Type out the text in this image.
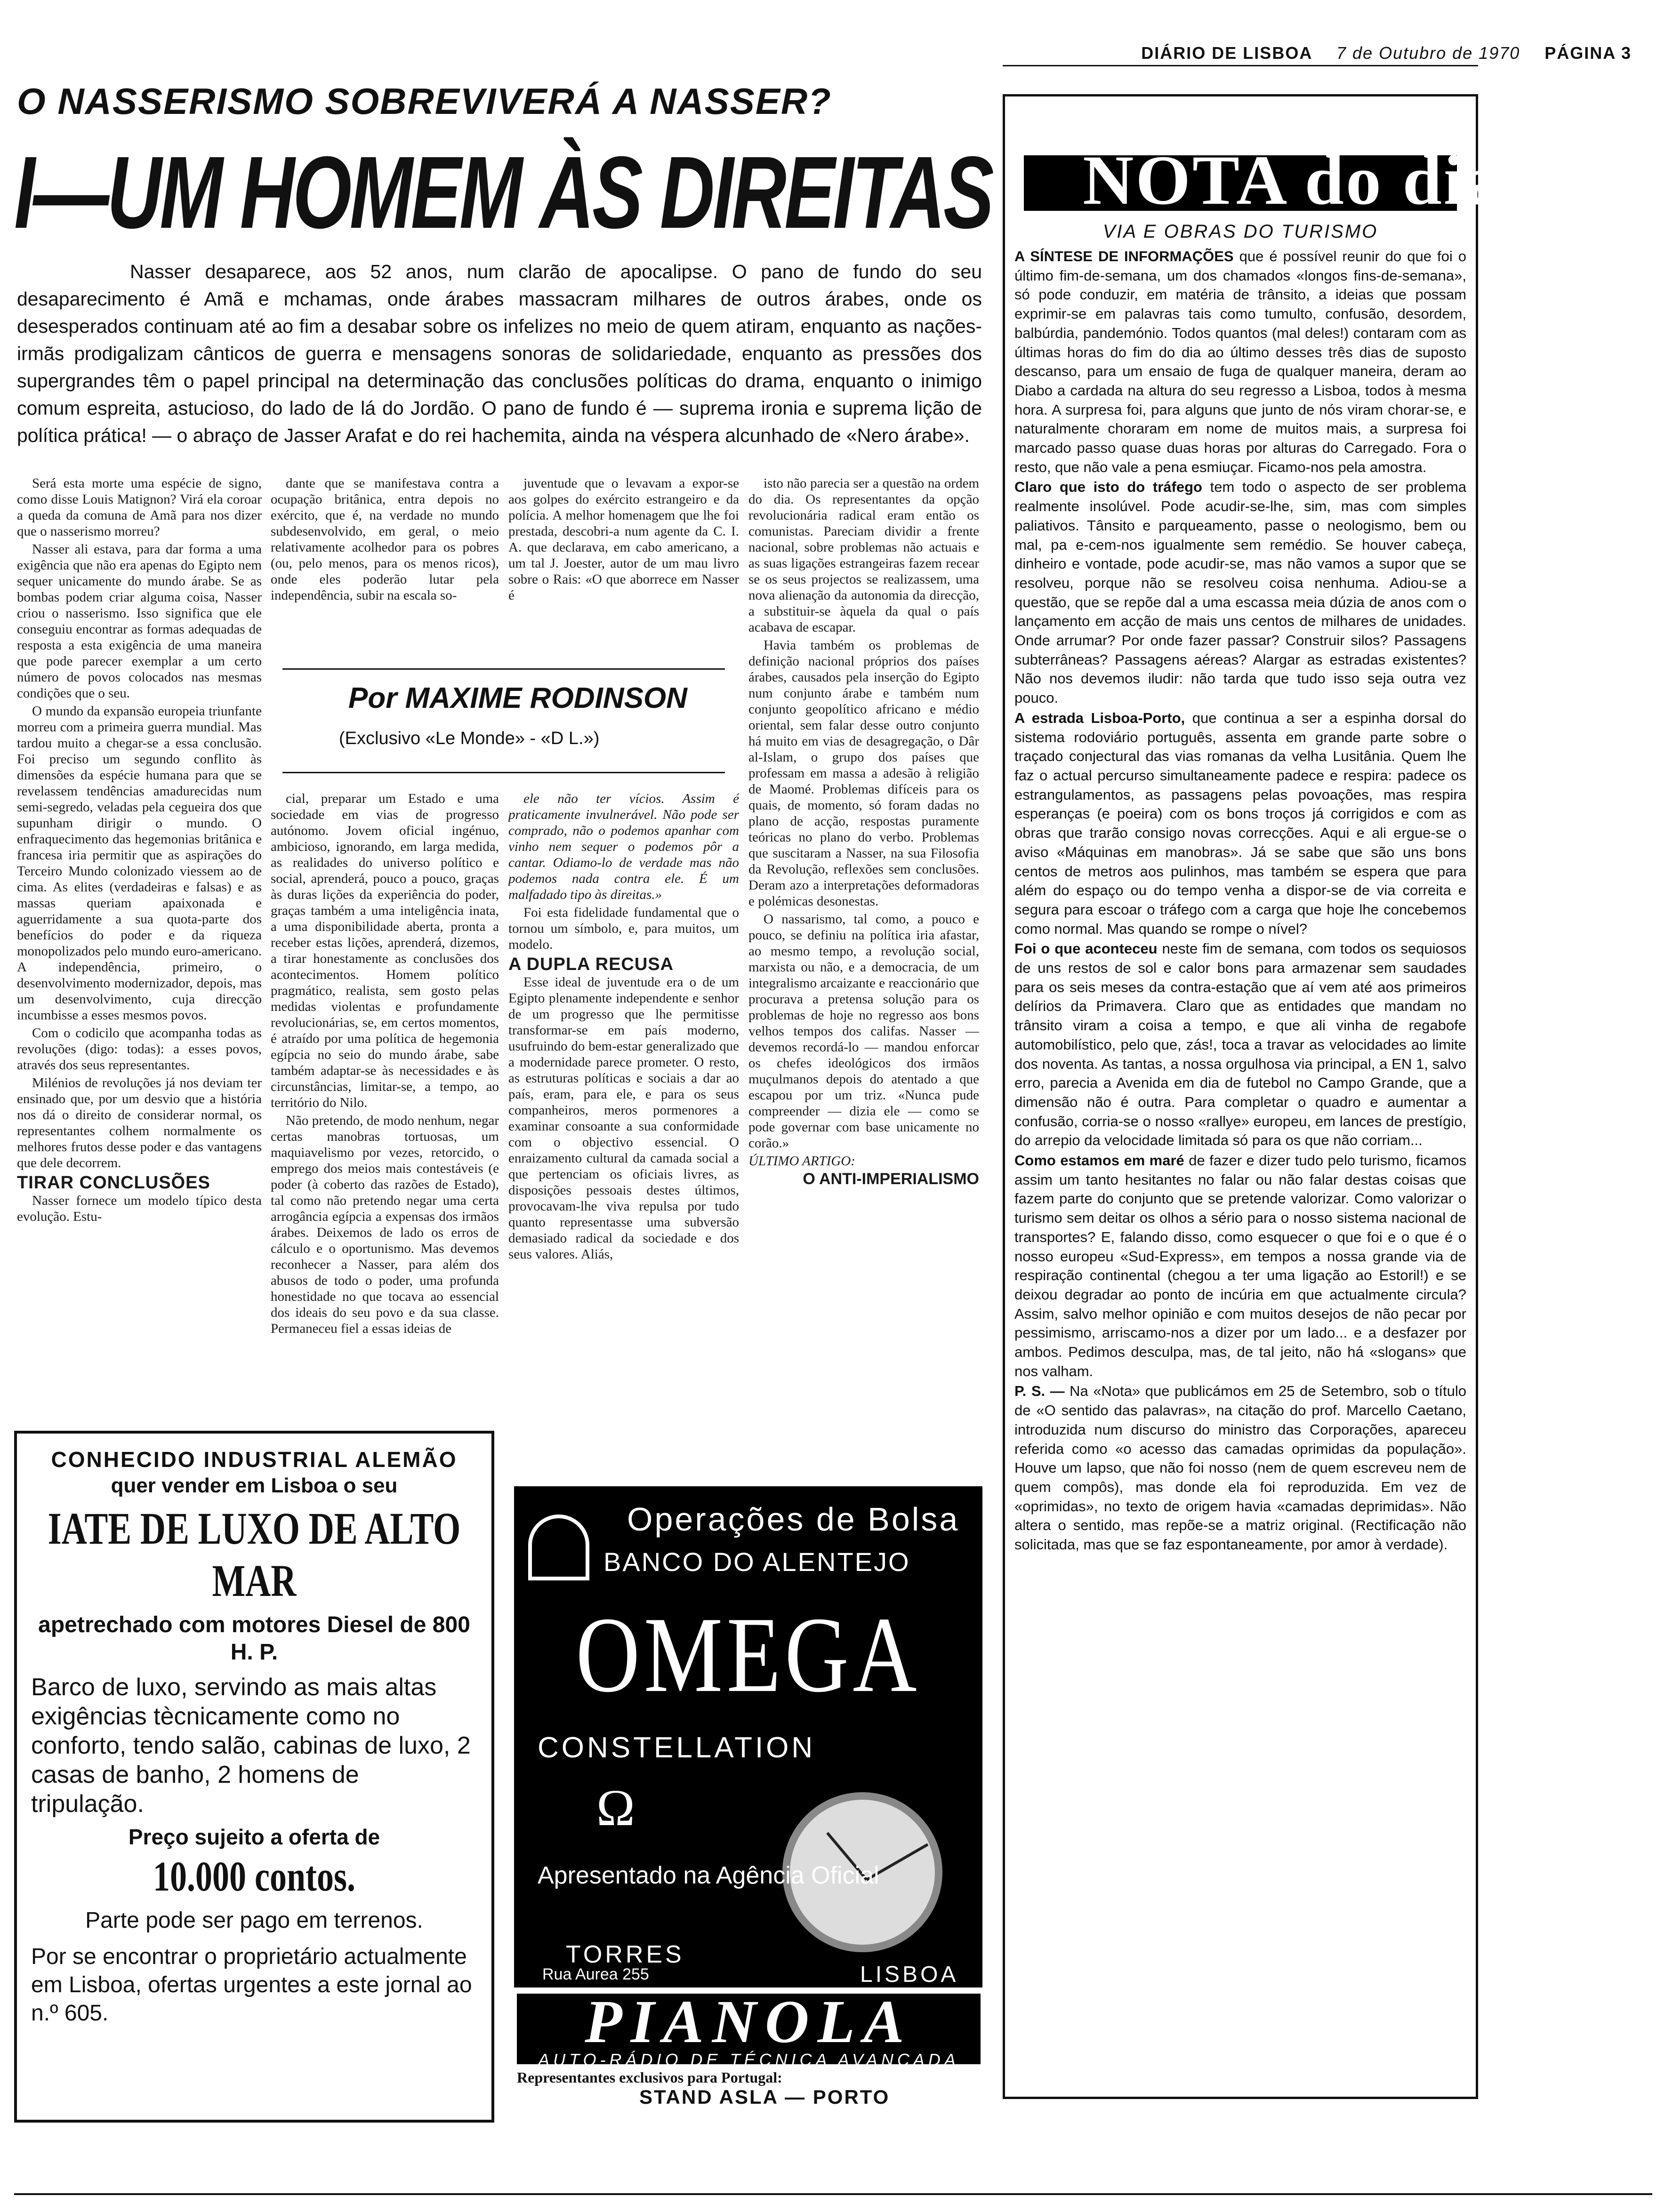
DIÁRIO DE LISBOA 7 de Outubro de 1970 PÁGINA 3
O NASSERISMO SOBREVIVERÁ A NASSER?
I—UM HOMEM ÀS DIREITAS
Nasser desaparece, aos 52 anos, num clarão de apocalipse. O pano de fundo do seu desaparecimento é Amã e mchamas, onde árabes massacram milhares de outros árabes, onde os desesperados continuam até ao fim a desabar sobre os infelizes no meio de quem atiram, enquanto as nações-irmãs prodigalizam cânticos de guerra e mensagens sonoras de solidariedade, enquanto as pressões dos supergrandes têm o papel principal na determinação das conclusões políticas do drama, enquanto o inimigo comum espreita, astucioso, do lado de lá do Jordão. O pano de fundo é — suprema ironia e suprema lição de política prática! — o abraço de Jasser Arafat e do rei hachemita, ainda na véspera alcunhado de «Nero árabe».

Será esta morte uma espécie de signo, como disse Louis Matignon? Virá ela coroar a queda da comuna de Amã para nos dizer que o nasserismo morreu?

Nasser ali estava, para dar forma a uma exigência que não era apenas do Egipto nem sequer unicamente do mundo árabe. Se as bombas podem criar alguma coisa, Nasser criou o nasserismo. Isso significa que ele conseguiu encontrar as formas adequadas de resposta a esta exigência de uma maneira que pode parecer exemplar a um certo número de povos colocados nas mesmas condições que o seu.

O mundo da expansão europeia triunfante morreu com a primeira guerra mundial. Mas tardou muito a chegar-se a essa conclusão. Foi preciso um segundo conflito às dimensões da espécie humana para que se revelassem tendências amadurecidas num semi-segredo, veladas pela cegueira dos que supunham dirigir o mundo. O enfraquecimento das hegemonias britânica e francesa iria permitir que as aspirações do Terceiro Mundo colonizado viessem ao de cima. As elites (verdadeiras e falsas) e as massas queriam apaixonada e aguerridamente a sua quota-parte dos benefícios do poder e da riqueza monopolizados pelo mundo euro-americano. A independência, primeiro, o desenvolvimento modernizador, depois, mas um desenvolvimento, cuja direcção incumbisse a esses mesmos povos.

Com o codicilo que acompanha todas as revoluções (digo: todas): a esses povos, através dos seus representantes.

Milénios de revoluções já nos deviam ter ensinado que, por um desvio que a história nos dá o direito de considerar normal, os representantes colhem normalmente os melhores frutos desse poder e das vantagens que dele decorrem.

TIRAR CONCLUSÕES

Nasser fornece um modelo típico desta evolução. Estu-

dante que se manifestava contra a ocupação britânica, entra depois no exército, que é, na verdade no mundo subdesenvolvido, em geral, o meio relativamente acolhedor para os pobres (ou, pelo menos, para os menos ricos), onde eles poderão lutar pela independência, subir na escala so-

juventude que o levavam a expor-se aos golpes do exército estrangeiro e da polícia. A melhor homenagem que lhe foi prestada, descobri-a num agente da C. I. A. que declarava, em cabo americano, a um tal J. Joester, autor de um mau livro sobre o Rais: «O que aborrece em Nasser é

Por MAXIME RODINSON
(Exclusivo «Le Monde» - «D L.»)

cial, preparar um Estado e uma sociedade em vias de progresso autónomo. Jovem oficial ingénuo, ambicioso, ignorando, em larga medida, as realidades do universo político e social, aprenderá, pouco a pouco, graças às duras lições da experiência do poder, graças também a uma inteligência inata, a uma disponibilidade aberta, pronta a receber estas lições, aprenderá, dizemos, a tirar honestamente as conclusões dos acontecimentos. Homem político pragmático, realista, sem gosto pelas medidas violentas e profundamente revolucionárias, se, em certos momentos, é atraído por uma política de hegemonia egípcia no seio do mundo árabe, sabe também adaptar-se às necessidades e às circunstâncias, limitar-se, a tempo, ao território do Nilo.

Não pretendo, de modo nenhum, negar certas manobras tortuosas, um maquiavelismo por vezes, retorcido, o emprego dos meios mais contestáveis (e poder (à coberto das razões de Estado), tal como não pretendo negar uma certa arrogância egípcia a expensas dos irmãos árabes. Deixemos de lado os erros de cálculo e o oportunismo. Mas devemos reconhecer a Nasser, para além dos abusos de todo o poder, uma profunda honestidade no que tocava ao essencial dos ideais do seu povo e da sua classe. Permaneceu fiel a essas ideias de

ele não ter vícios. Assim é praticamente invulnerável. Não pode ser comprado, não o podemos apanhar com vinho nem sequer o podemos pôr a cantar. Odiamo-lo de verdade mas não podemos nada contra ele. É um malfadado tipo às direitas.»

Foi esta fidelidade fundamental que o tornou um símbolo, e, para muitos, um modelo.

A DUPLA RECUSA

Esse ideal de juventude era o de um Egipto plenamente independente e senhor de um progresso que lhe permitisse transformar-se em país moderno, usufruindo do bem-estar generalizado que a modernidade parece prometer. O resto, as estruturas políticas e sociais a dar ao país, eram, para ele, e para os seus companheiros, meros pormenores a examinar consoante a sua conformidade com o objectivo essencial. O enraizamento cultural da camada social a que pertenciam os oficiais livres, as disposições pessoais destes últimos, provocavam-lhe viva repulsa por tudo quanto representasse uma subversão demasiado radical da sociedade e dos seus valores. Aliás,

isto não parecia ser a questão na ordem do dia. Os representantes da opção revolucionária radical eram então os comunistas. Pareciam dividir a frente nacional, sobre problemas não actuais e as suas ligações estrangeiras fazem recear se os seus projectos se realizassem, uma nova alienação da autonomia da direcção, a substituir-se àquela da qual o país acabava de escapar.

Havia também os problemas de definição nacional próprios dos países árabes, causados pela inserção do Egipto num conjunto árabe e também num conjunto geopolítico africano e médio oriental, sem falar desse outro conjunto há muito em vias de desagregação, o Dâr al-Islam, o grupo dos países que professam em massa a adesão à religião de Maomé. Problemas difíceis para os quais, de momento, só foram dadas no plano de acção, respostas puramente teóricas no plano do verbo. Problemas que suscitaram a Nasser, na sua Filosofia da Revolução, reflexões sem conclusões. Deram azo a interpretações deformadoras e polémicas desonestas.

O nassarismo, tal como, a pouco e pouco, se definiu na política iria afastar, ao mesmo tempo, a revolução social, marxista ou não, e a democracia, de um integralismo arcaizante e reaccionário que procurava a pretensa solução para os problemas de hoje no regresso aos bons velhos tempos dos califas. Nasser — devemos recordá-lo — mandou enforcar os chefes ideológicos dos irmãos muçulmanos depois do atentado a que escapou por um triz. «Nunca pude compreender — dizia ele — como se pode governar com base unicamente no corão.»

ÚLTIMO ARTIGO:

O ANTI-IMPERIALISMO

CONHECIDO INDUSTRIAL ALEMÃO
quer vender em Lisboa o seu
IATE DE LUXO DE ALTO MAR
apetrechado com motores Diesel de 800 H. P.
Barco de luxo, servindo as mais altas exigências tècnicamente como no conforto, tendo salão, cabinas de luxo, 2 casas de banho, 2 homens de tripulação.
Preço sujeito a oferta de
10.000 contos.
Parte pode ser pago em terrenos.
Por se encontrar o proprietário actualmente em Lisboa, ofertas urgentes a este jornal ao n.º 605.
Operações de Bolsa
BANCO DO ALENTEJO
OMEGA
CONSTELLATION
Ω
Apresentado na Agência Oficial
TORRES
Rua Aurea 255	LISBOA
PIANOLA
AUTO-RÁDIO DE TÉCNICA AVANÇADA
Representantes exclusivos para Portugal:
STAND ASLA — PORTO
NOTA do dia
VIA E OBRAS DO TURISMO

A SÍNTESE DE INFORMAÇÕES que é possível reunir do que foi o último fim-de-semana, um dos chamados «longos fins-de-semana», só pode conduzir, em matéria de trânsito, a ideias que possam exprimir-se em palavras tais como tumulto, confusão, desordem, balbúrdia, pandemónio. Todos quantos (mal deles!) contaram com as últimas horas do fim do dia ao último desses três dias de suposto descanso, para um ensaio de fuga de qualquer maneira, deram ao Diabo a cardada na altura do seu regresso a Lisboa, todos à mesma hora. A surpresa foi, para alguns que junto de nós viram chorar-se, e naturalmente choraram em nome de muitos mais, a surpresa foi marcado passo quase duas horas por alturas do Carregado. Fora o resto, que não vale a pena esmiuçar. Ficamo-nos pela amostra.

Claro que isto do tráfego tem todo o aspecto de ser problema realmente insolúvel. Pode acudir-se-lhe, sim, mas com simples paliativos. Tânsito e parqueamento, passe o neologismo, bem ou mal, pa e-cem-nos igualmente sem remédio. Se houver cabeça, dinheiro e vontade, pode acudir-se, mas não vamos a supor que se resolveu, porque não se resolveu coisa nenhuma. Adiou-se a questão, que se repõe dal a uma escassa meia dúzia de anos com o lançamento em acção de mais uns centos de milhares de unidades. Onde arrumar? Por onde fazer passar? Construir silos? Passagens subterrâneas? Passagens aéreas? Alargar as estradas existentes? Não nos devemos iludir: não tarda que tudo isso seja outra vez pouco.

A estrada Lisboa-Porto, que continua a ser a espinha dorsal do sistema rodoviário português, assenta em grande parte sobre o traçado conjectural das vias romanas da velha Lusitânia. Quem lhe faz o actual percurso simultaneamente padece e respira: padece os estrangulamentos, as passagens pelas povoações, mas respira esperanças (e poeira) com os bons troços já corrigidos e com as obras que trarão consigo novas correcções. Aqui e ali ergue-se o aviso «Máquinas em manobras». Já se sabe que são uns bons centos de metros aos pulinhos, mas também se espera que para além do espaço ou do tempo venha a dispor-se de via correita e segura para escoar o tráfego com a carga que hoje lhe concebemos como normal. Mas quando se rompe o nível?

Foi o que aconteceu neste fim de semana, com todos os sequiosos de uns restos de sol e calor bons para armazenar sem saudades para os seis meses da contra-estação que aí vem até aos primeiros delírios da Primavera. Claro que as entidades que mandam no trânsito viram a coisa a tempo, e que ali vinha de regabofe automobilístico, pelo que, zás!, toca a travar as velocidades ao limite dos noventa. As tantas, a nossa orgulhosa via principal, a EN 1, salvo erro, parecia a Avenida em dia de futebol no Campo Grande, que a dimensão não é outra. Para completar o quadro e aumentar a confusão, corria-se o nosso «rallye» europeu, em lances de prestígio, do arrepio da velocidade limitada só para os que não corriam...

Como estamos em maré de fazer e dizer tudo pelo turismo, ficamos assim um tanto hesitantes no falar ou não falar destas coisas que fazem parte do conjunto que se pretende valorizar. Como valorizar o turismo sem deitar os olhos a sério para o nosso sistema nacional de transportes? E, falando disso, como esquecer o que foi e o que é o nosso europeu «Sud-Express», em tempos a nossa grande via de respiração continental (chegou a ter uma ligação ao Estoril!) e se deixou degradar ao ponto de incúria em que actualmente circula? Assim, salvo melhor opinião e com muitos desejos de não pecar por pessimismo, arriscamo-nos a dizer por um lado... e a desfazer por ambos. Pedimos desculpa, mas, de tal jeito, não há «slogans» que nos valham.

P. S. — Na «Nota» que publicámos em 25 de Setembro, sob o título de «O sentido das palavras», na citação do prof. Marcello Caetano, introduzida num discurso do ministro das Corporações, apareceu referida como «o acesso das camadas oprimidas da população». Houve um lapso, que não foi nosso (nem de quem escreveu nem de quem compôs), mas donde ela foi reproduzida. Em vez de «oprimidas», no texto de origem havia «camadas deprimidas». Não altera o sentido, mas repõe-se a matriz original. (Rectificação não solicitada, mas que se faz espontaneamente, por amor à verdade).
